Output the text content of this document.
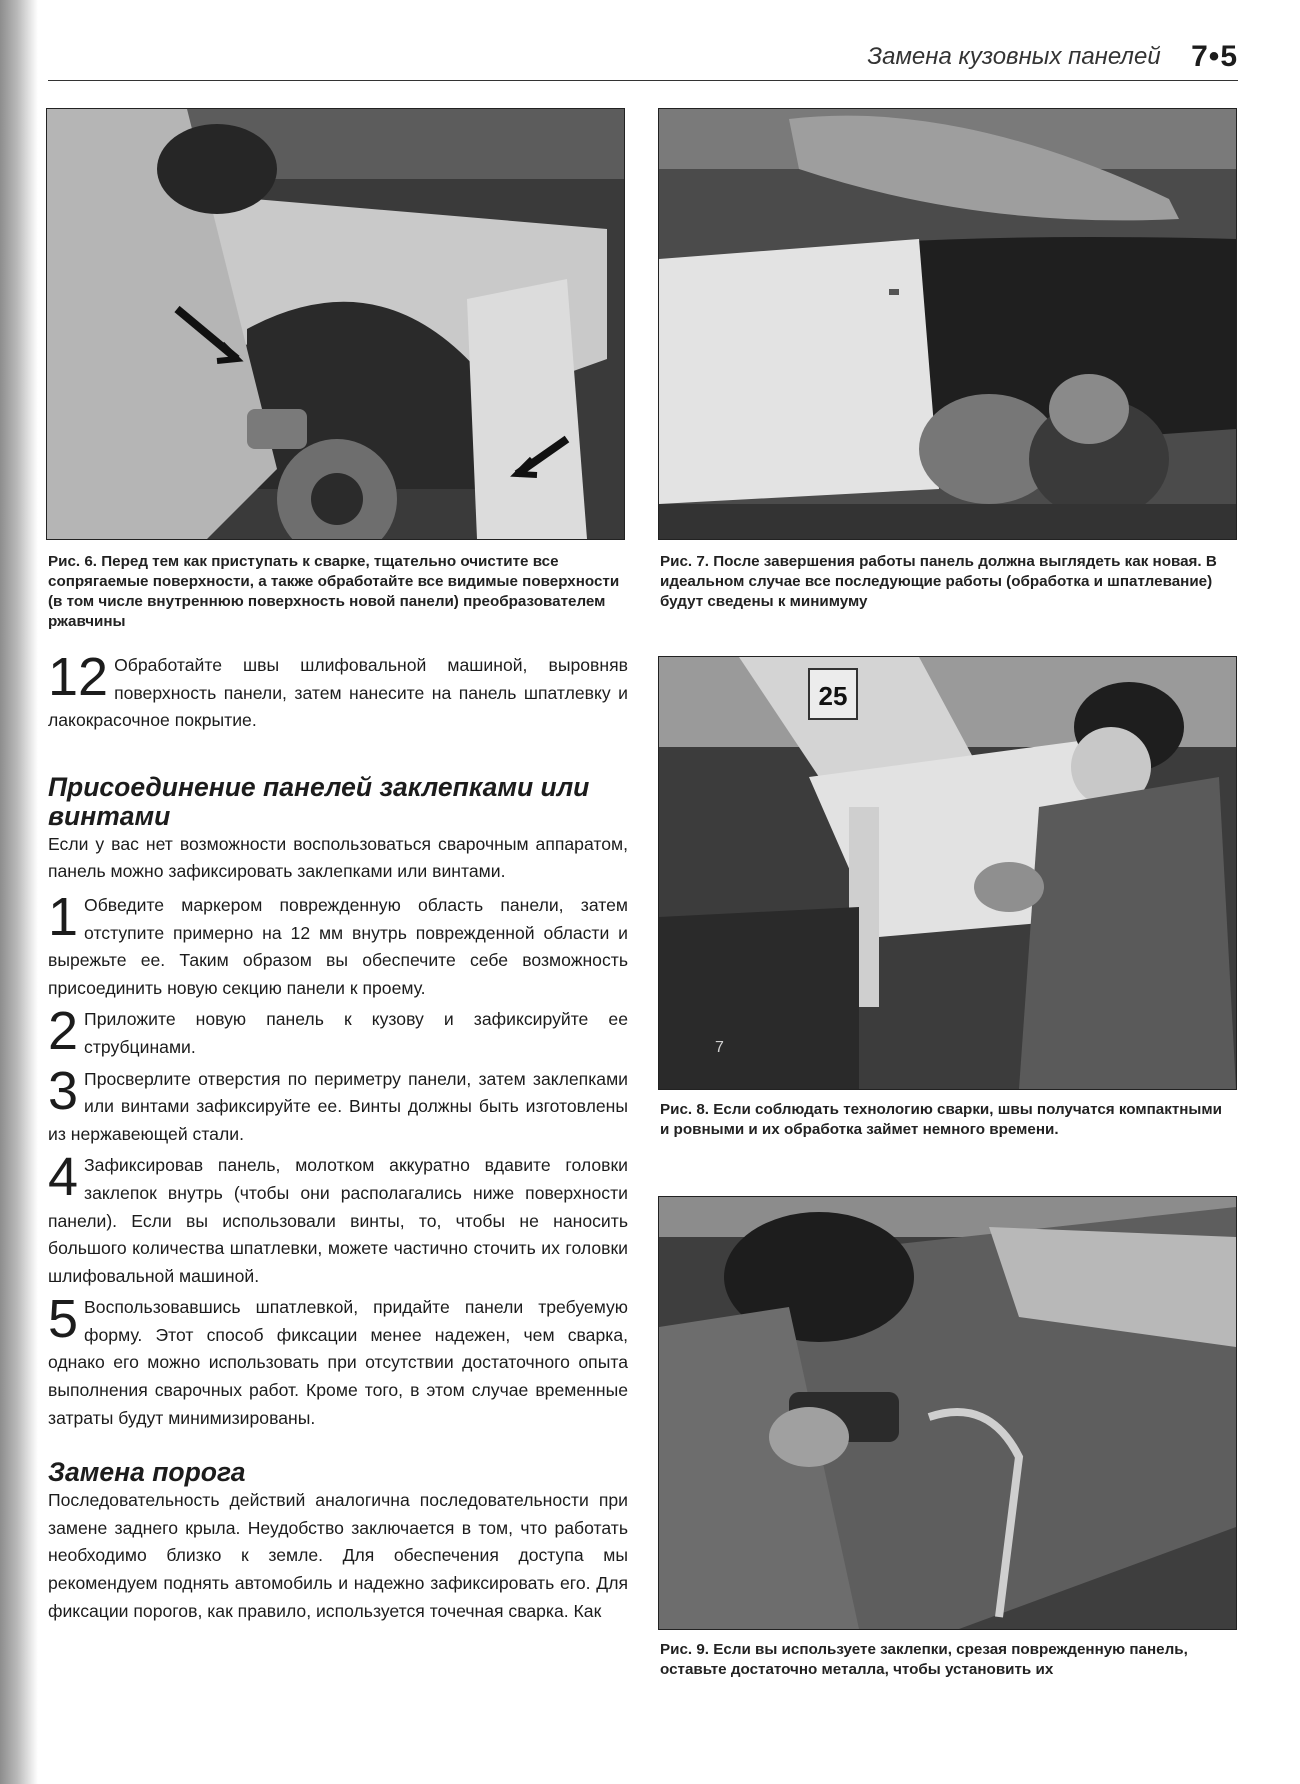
Замена кузовных панелей 7•5
Рис. 6. Перед тем как приступать к сварке, тщательно очистите все сопрягаемые поверхности, а также обработайте все видимые поверхности (в том числе внутреннюю поверхность новой панели) преобразователем ржавчины
Рис. 7. После завершения работы панель должна выглядеть как новая. В идеальном случае все последующие работы (обработка и шпатлевание) будут сведены к минимуму
25
7
Рис. 8. Если соблюдать технологию сварки, швы получатся компактными и ровными и их обработка займет немного времени.
Рис. 9. Если вы используете заклепки, срезая поврежденную панель, оставьте достаточно металла, чтобы установить их
12 Обработайте швы шлифовальной машиной, выровняв поверхность панели, затем нанесите на панель шпатлевку и лакокрасочное покрытие.

Присоединение панелей заклепками или винтами

Если у вас нет возможности воспользоваться сварочным аппаратом, панель можно зафиксировать заклепками или винтами.

1 Обведите маркером поврежденную область панели, затем отступите примерно на 12 мм внутрь поврежденной области и вырежьте ее. Таким образом вы обеспечите себе возможность присоединить новую секцию панели к проему.

2 Приложите новую панель к кузову и зафиксируйте ее струбцинами.

3 Просверлите отверстия по периметру панели, затем заклепками или винтами зафиксируйте ее. Винты должны быть изготовлены из нержавеющей стали.

4 Зафиксировав панель, молотком аккуратно вдавите головки заклепок внутрь (чтобы они располагались ниже поверхности панели). Если вы использовали винты, то, чтобы не наносить большого количества шпатлевки, можете частично сточить их головки шлифовальной машиной.

5 Воспользовавшись шпатлевкой, придайте панели требуемую форму. Этот способ фиксации менее надежен, чем сварка, однако его можно использовать при отсутствии достаточного опыта выполнения сварочных работ. Кроме того, в этом случае временные затраты будут минимизированы.

Замена порога

Последовательность действий аналогична последовательности при замене заднего крыла. Неудобство заключается в том, что работать необходимо близко к земле. Для обеспечения доступа мы рекомендуем поднять автомобиль и надежно зафиксировать его. Для фиксации порогов, как правило, используется точечная сварка. Как
